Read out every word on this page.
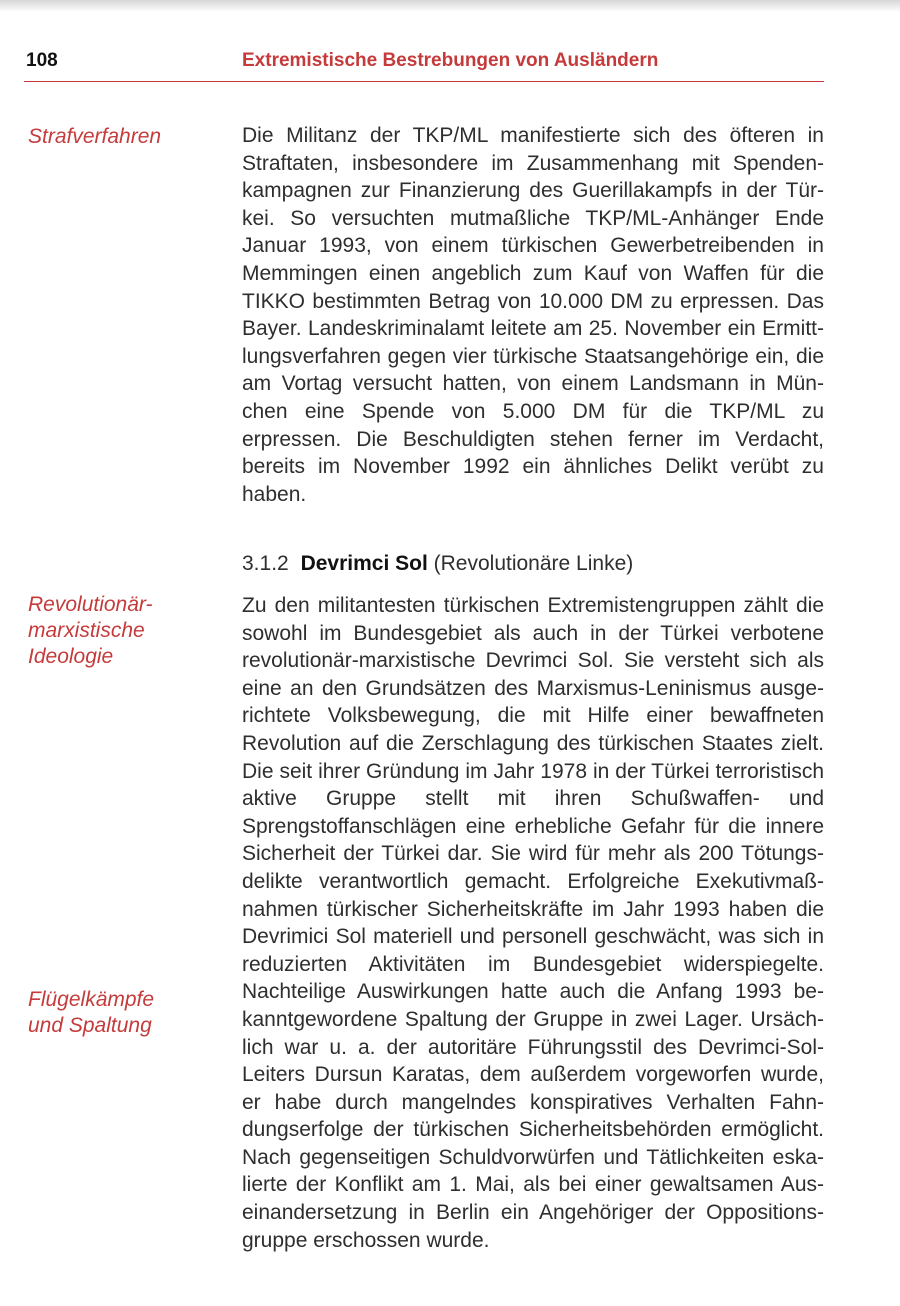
108	Extremistische Bestrebungen von Ausländern
Strafverfahren	Die Militanz der TKP/ML manifestierte sich des öfteren in Straftaten, insbesondere im Zusammenhang mit Spendenkampagnen zur Finanzierung des Guerillakampfs in der Türkei. So versuchten mutmaßliche TKP/ML-Anhänger Ende Januar 1993, von einem türkischen Gewerbetreibenden in Memmingen einen angeblich zum Kauf von Waffen für die TIKKO bestimmten Betrag von 10.000 DM zu erpressen. Das Bayer. Landeskriminalamt leitete am 25. November ein Ermittlungsverfahren gegen vier türkische Staatsangehörige ein, die am Vortag versucht hatten, von einem Landsmann in München eine Spende von 5.000 DM für die TKP/ML zu erpressen. Die Beschuldigten stehen ferner im Verdacht, bereits im November 1992 ein ähnliches Delikt verübt zu haben.
3.1.2 Devrimci Sol (Revolutionäre Linke)
Revolutionär-
marxistische
Ideologie
Zu den militantesten türkischen Extremistengruppen zählt die sowohl im Bundesgebiet als auch in der Türkei verbotene revolutionär-marxistische Devrimci Sol. Sie versteht sich als eine an den Grundsätzen des Marxismus-Leninismus ausgerichtete Volksbewegung, die mit Hilfe einer bewaffneten Revolution auf die Zerschlagung des türkischen Staates zielt. Die seit ihrer Gründung im Jahr 1978 in der Türkei terroristisch aktive Gruppe stellt mit ihren Schußwaffen- und Sprengstoffanschlägen eine erhebliche Gefahr für die innere Sicherheit der Türkei dar. Sie wird für mehr als 200 Tötungsdelikte verantwortlich gemacht. Erfolgreiche Exekutivmaßnahmen türkischer Sicherheitskräfte im Jahr 1993 haben die Devrimici Sol materiell und personell geschwächt, was sich in reduzierten Aktivitäten im Bundesgebiet widerspiegelte. Nachteilige Auswirkungen hatte auch die Anfang 1993 bekanntgewordene Spaltung der Gruppe in zwei Lager. Ursächlich war u. a. der autoritäre Führungsstil des Devrimci-Sol-Leiters Dursun Karatas, dem außerdem vorgeworfen wurde, er habe durch mangelndes konspiratives Verhalten Fahndungserfolge der türkischen Sicherheitsbehörden ermöglicht. Nach gegenseitigen Schuldvorwürfen und Tätlichkeiten eskalierte der Konflikt am 1. Mai, als bei einer gewaltsamen Auseinandersetzung in Berlin ein Angehöriger der Oppositionsgruppe erschossen wurde.
Flügelkämpfe
und Spaltung
